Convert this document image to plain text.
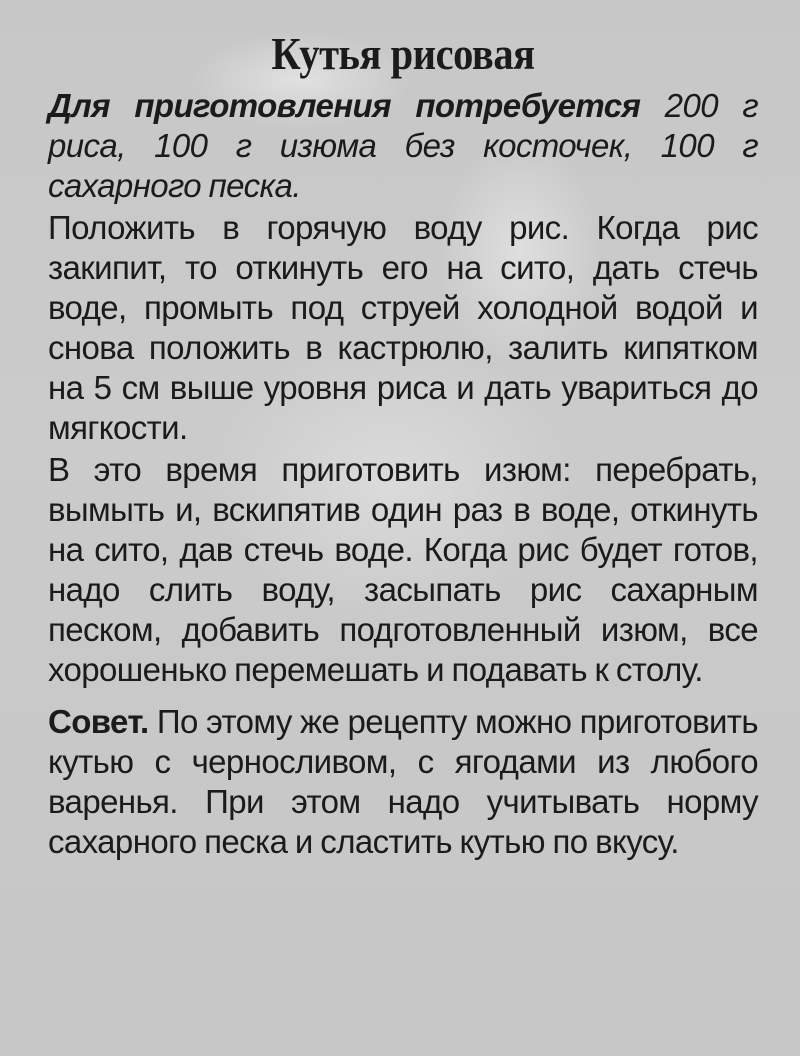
Кутья рисовая

Для приготовления потребуется 200 г риса, 100 г изюма без косточек, 100 г сахарного песка.

Положить в горячую воду рис. Когда рис закипит, то откинуть его на сито, дать стечь воде, промыть под струей холодной водой и снова положить в кастрюлю, залить кипятком на 5 см выше уровня риса и дать увариться до мягкости.

В это время приготовить изюм: перебрать, вымыть и, вскипятив один раз в воде, откинуть на сито, дав стечь воде. Когда рис будет готов, надо слить воду, засыпать рис сахарным песком, добавить подготовленный изюм, все хорошенько перемешать и подавать к столу.

Совет. По этому же рецепту можно приготовить кутью с черносливом, с ягодами из любого варенья. При этом надо учитывать норму сахарного песка и сластить кутью по вкусу.
